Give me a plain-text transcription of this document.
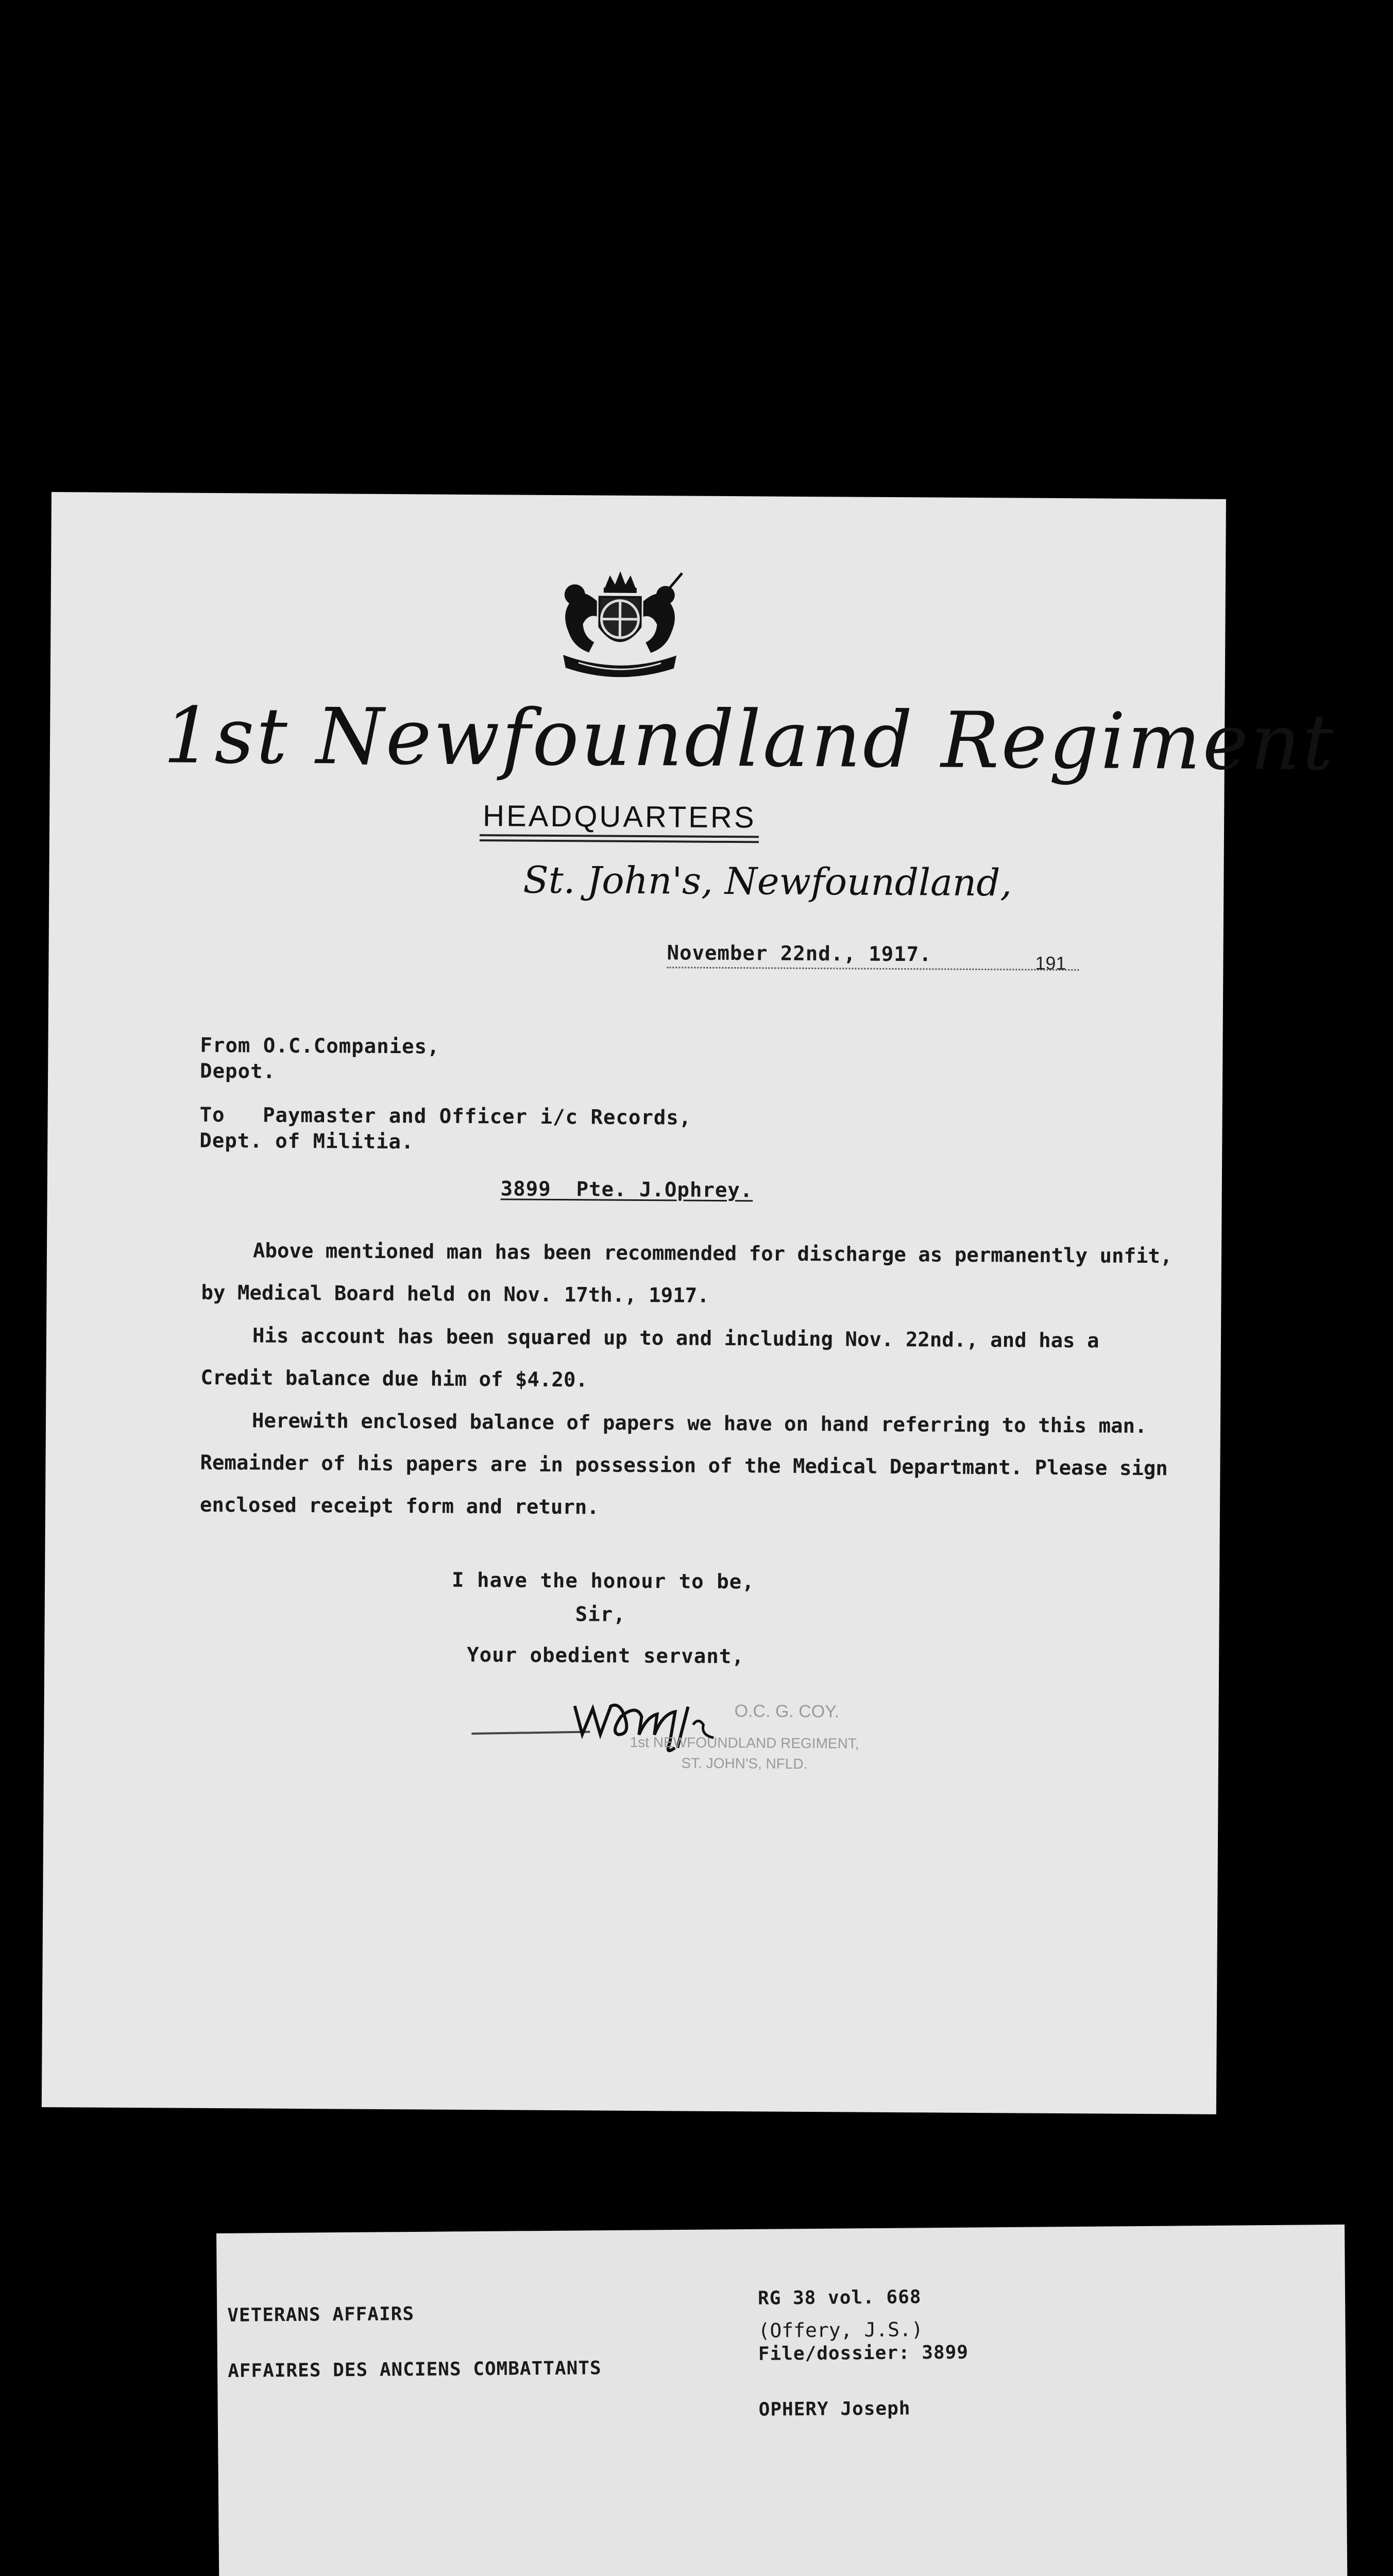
1st Newfoundland Regiment
HEADQUARTERS
St. John's, Newfoundland,
November 22nd., 1917.	191
From O.C.Companies,
Depot.
To   Paymaster and Officer i/c Records,
Dept. of Militia.
3899  Pte. J.Ophrey.

Above mentioned man has been recommended for discharge as permanently unfit, by Medical Board held on Nov. 17th., 1917.

His account has been squared up to and including Nov. 22nd., and has a Credit balance due him of $4.20.

Herewith enclosed balance of papers we have on hand referring to this man. Remainder of his papers are in possession of the Medical Departmant. Please sign enclosed receipt form and return.

I have the honour to be,
Sir,
Your obedient servant,
O.C. G. COY.
1st NEWFOUNDLAND REGIMENT,
ST. JOHN'S, NFLD.

VETERANS AFFAIRS

AFFAIRES DES ANCIENS COMBATTANTS

RG 38 vol. 668

File/dossier: 3899

OPHERY Joseph

(Offery, J.S.)
